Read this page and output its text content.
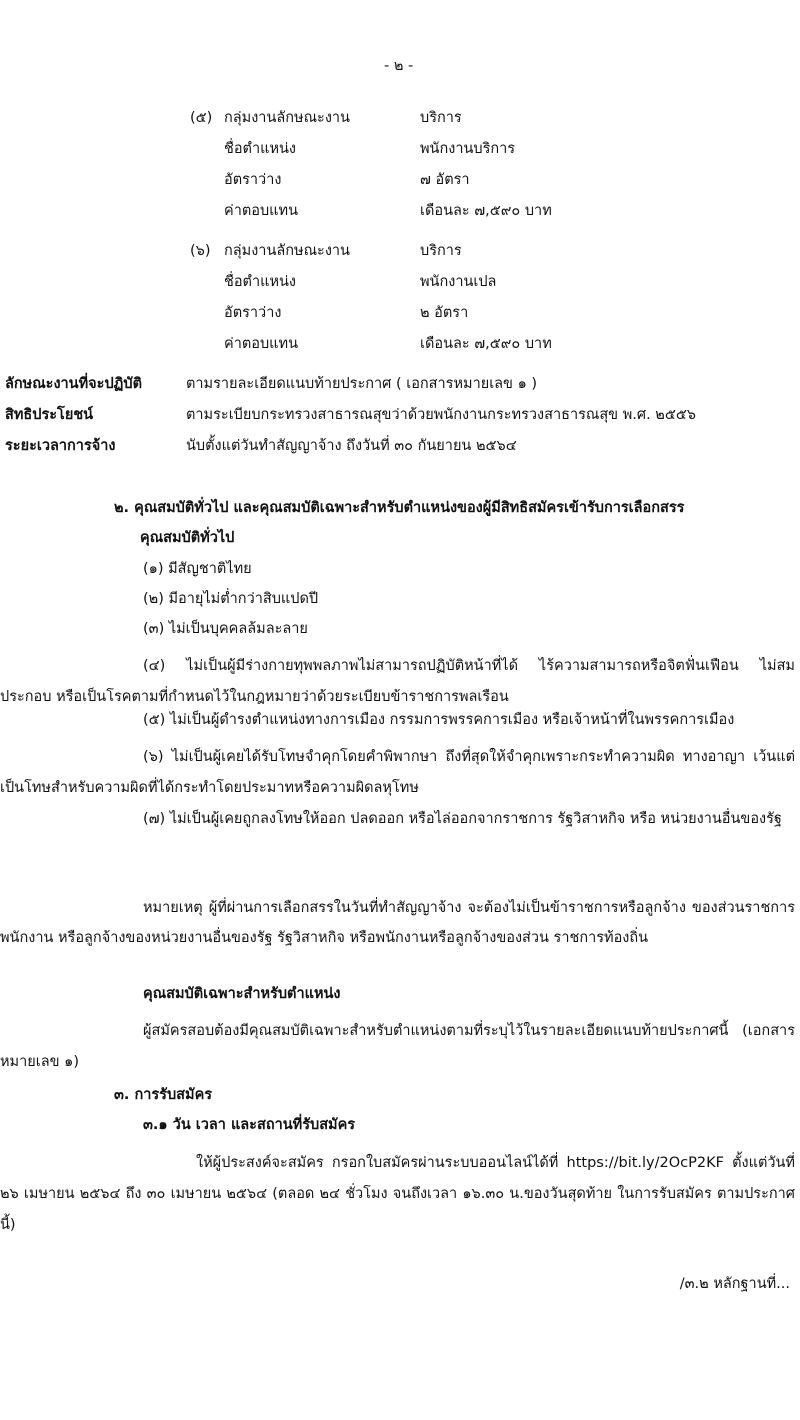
- ๒ -
(๕) กลุ่มงานลักษณะงาน	บริการ
ชื่อตำแหน่ง	พนักงานบริการ
อัตราว่าง	๗ อัตรา
ค่าตอบแทน	เดือนละ ๗,๕๙๐ บาท
(๖) กลุ่มงานลักษณะงาน	บริการ
ชื่อตำแหน่ง	พนักงานเปล
อัตราว่าง	๒ อัตรา
ค่าตอบแทน	เดือนละ ๗,๕๙๐ บาท
ลักษณะงานที่จะปฏิบัติ	ตามรายละเอียดแนบท้ายประกาศ ( เอกสารหมายเลข ๑ )
สิทธิประโยชน์	ตามระเบียบกระทรวงสาธารณสุขว่าด้วยพนักงานกระทรวงสาธารณสุข พ.ศ. ๒๕๕๖
ระยะเวลาการจ้าง	นับตั้งแต่วันทำสัญญาจ้าง ถึงวันที่ ๓๐ กันยายน ๒๕๖๔
๒. คุณสมบัติทั่วไป และคุณสมบัติเฉพาะสำหรับตำแหน่งของผู้มีสิทธิสมัครเข้ารับการเลือกสรร
คุณสมบัติทั่วไป
(๑) มีสัญชาติไทย
(๒) มีอายุไม่ต่ำกว่าสิบแปดปี
(๓) ไม่เป็นบุคคลล้มละลาย
(๔) ไม่เป็นผู้มีร่างกายทุพพลภาพไม่สามารถปฏิบัติหน้าที่ได้ ไร้ความสามารถหรือจิตฟั่นเฟือน ไม่สมประกอบ หรือเป็นโรคตามที่กำหนดไว้ในกฎหมายว่าด้วยระเบียบข้าราชการพลเรือน
(๕) ไม่เป็นผู้ดำรงตำแหน่งทางการเมือง กรรมการพรรคการเมือง หรือเจ้าหน้าที่ในพรรคการเมือง
(๖) ไม่เป็นผู้เคยได้รับโทษจำคุกโดยคำพิพากษา ถึงที่สุดให้จำคุกเพราะกระทำความผิด ทางอาญา เว้นแต่เป็นโทษสำหรับความผิดที่ได้กระทำโดยประมาทหรือความผิดลหุโทษ
(๗) ไม่เป็นผู้เคยถูกลงโทษให้ออก ปลดออก หรือไล่ออกจากราชการ รัฐวิสาหกิจ หรือ หน่วยงานอื่นของรัฐ
หมายเหตุ ผู้ที่ผ่านการเลือกสรรในวันที่ทำสัญญาจ้าง จะต้องไม่เป็นข้าราชการหรือลูกจ้าง ของส่วนราชการ พนักงาน หรือลูกจ้างของหน่วยงานอื่นของรัฐ รัฐวิสาหกิจ หรือพนักงานหรือลูกจ้างของส่วน ราชการท้องถิ่น
คุณสมบัติเฉพาะสำหรับตำแหน่ง
ผู้สมัครสอบต้องมีคุณสมบัติเฉพาะสำหรับตำแหน่งตามที่ระบุไว้ในรายละเอียดแนบท้ายประกาศนี้ (เอกสารหมายเลข ๑)
๓. การรับสมัคร
๓.๑ วัน เวลา และสถานที่รับสมัคร
ให้ผู้ประสงค์จะสมัคร กรอกใบสมัครผ่านระบบออนไลน์ได้ที่ https://bit.ly/2OcP2KF ตั้งแต่วันที่ ๒๖ เมษายน ๒๕๖๔ ถึง ๓๐ เมษายน ๒๕๖๔ (ตลอด ๒๔ ชั่วโมง จนถึงเวลา ๑๖.๓๐ น.ของวันสุดท้าย ในการรับสมัคร ตามประกาศนี้)
/๓.๒ หลักฐานที่...
